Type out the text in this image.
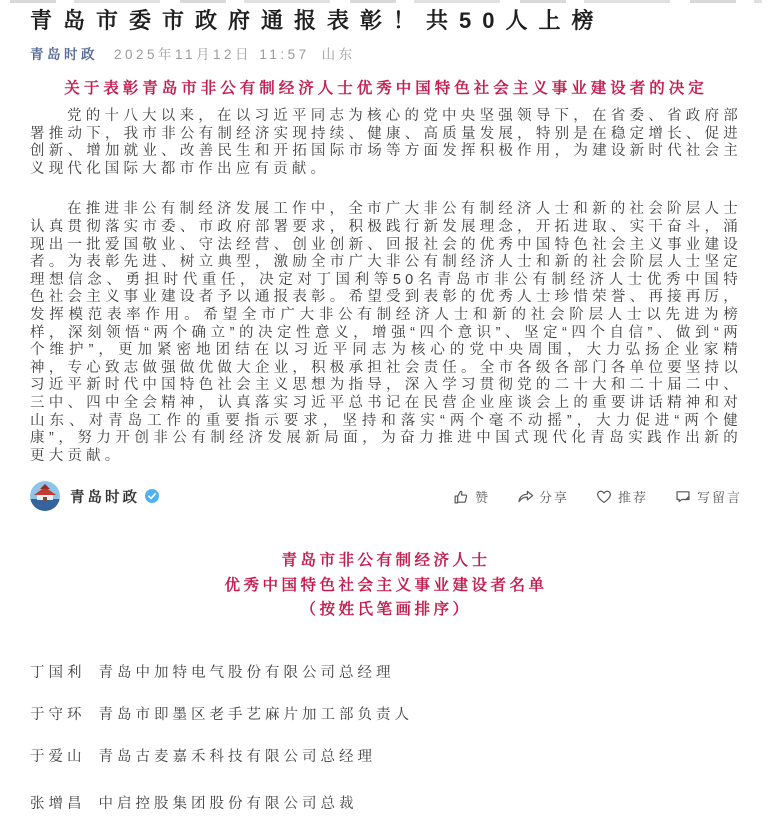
青岛市委市政府通报表彰！共50人上榜
青岛时政 2025年11月12日 11:57 山东
关于表彰青岛市非公有制经济人士优秀中国特色社会主义事业建设者的决定

党的十八大以来，在以习近平同志为核心的党中央坚强领导下，在省委、省政府部署推动下，我市非公有制经济实现持续、健康、高质量发展，特别是在稳定增长、促进创新、增加就业、改善民生和开拓国际市场等方面发挥积极作用，为建设新时代社会主义现代化国际大都市作出应有贡献。

在推进非公有制经济发展工作中，全市广大非公有制经济人士和新的社会阶层人士认真贯彻落实市委、市政府部署要求，积极践行新发展理念，开拓进取、实干奋斗，涌现出一批爱国敬业、守法经营、创业创新、回报社会的优秀中国特色社会主义事业建设者。为表彰先进、树立典型，激励全市广大非公有制经济人士和新的社会阶层人士坚定理想信念、勇担时代重任，决定对丁国利等50名青岛市非公有制经济人士优秀中国特色社会主义事业建设者予以通报表彰。希望受到表彰的优秀人士珍惜荣誉、再接再厉，发挥模范表率作用。希望全市广大非公有制经济人士和新的社会阶层人士以先进为榜样，深刻领悟“两个确立”的决定性意义，增强“四个意识”、坚定“四个自信”、做到“两个维护”，更加紧密地团结在以习近平同志为核心的党中央周围，大力弘扬企业家精神，专心致志做强做优做大企业，积极承担社会责任。全市各级各部门各单位要坚持以习近平新时代中国特色社会主义思想为指导，深入学习贯彻党的二十大和二十届二中、三中、四中全会精神，认真落实习近平总书记在民营企业座谈会上的重要讲话精神和对山东、对青岛工作的重要指示要求，坚持和落实“两个毫不动摇”，大力促进“两个健康”，努力开创非公有制经济发展新局面，为奋力推进中国式现代化青岛实践作出新的更大贡献。

青岛时政	赞	分享	推荐	写留言
青岛市非公有制经济人士
优秀中国特色社会主义事业建设者名单
（按姓氏笔画排序）
丁国利 青岛中加特电气股份有限公司总经理
于守环 青岛市即墨区老手艺麻片加工部负责人
于爱山 青岛古麦嘉禾科技有限公司总经理
张增昌 中启控股集团股份有限公司总裁
